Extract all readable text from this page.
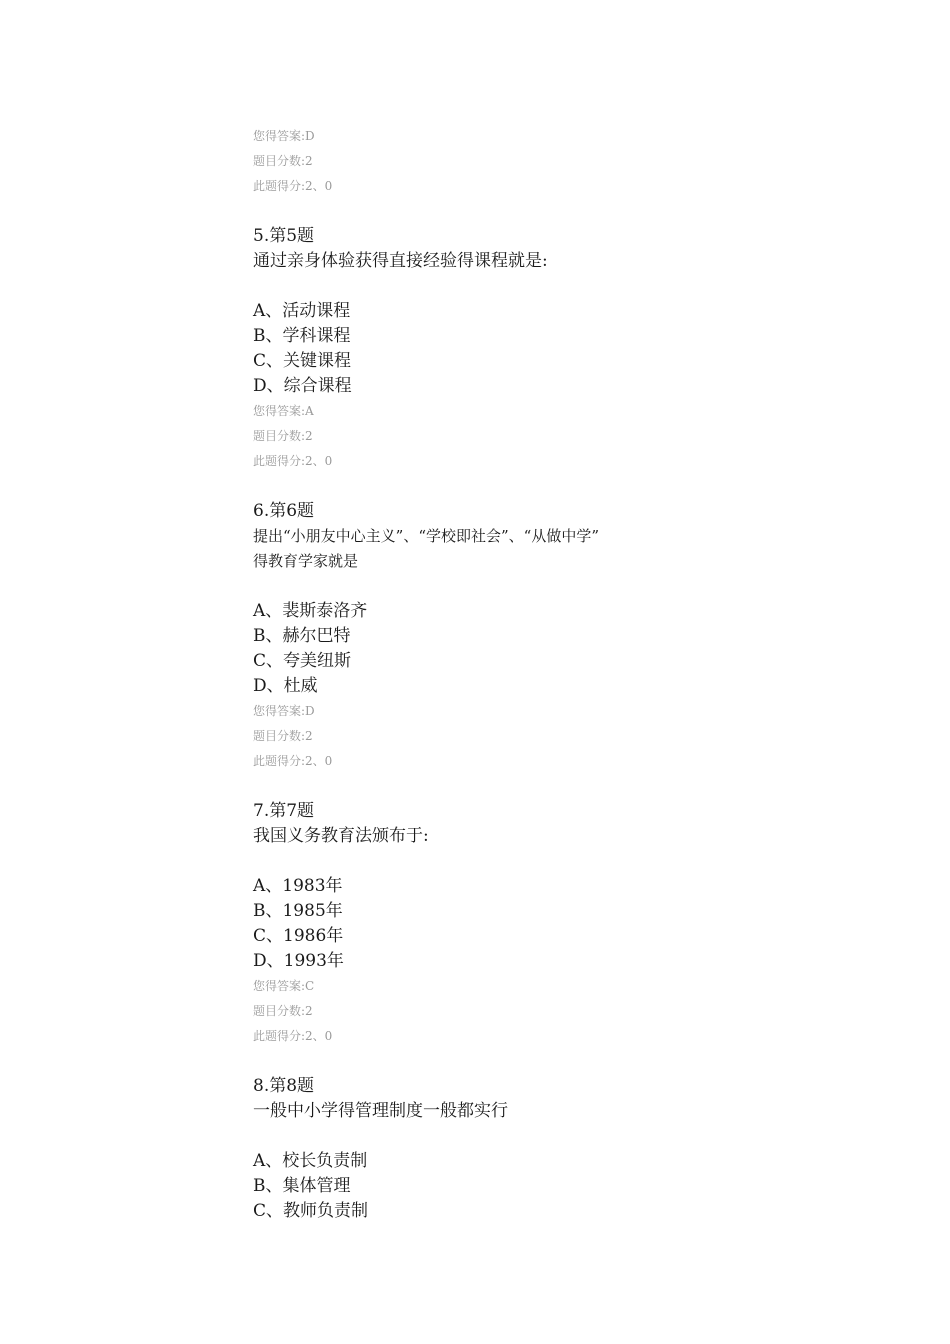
您得答案:D
题目分数:2
此题得分:2、0
5.第5题
通过亲身体验获得直接经验得课程就是:
A、活动课程
B、学科课程
C、关键课程
D、综合课程
您得答案:A
题目分数:2
此题得分:2、0
6.第6题
提出“小朋友中心主义”、“学校即社会”、“从做中学”
得教育学家就是
A、裴斯泰洛齐
B、赫尔巴特
C、夸美纽斯
D、杜威
您得答案:D
题目分数:2
此题得分:2、0
7.第7题
我国义务教育法颁布于:
A、1983年
B、1985年
C、1986年
D、1993年
您得答案:C
题目分数:2
此题得分:2、0
8.第8题
一般中小学得管理制度一般都实行
A、校长负责制
B、集体管理
C、教师负责制
